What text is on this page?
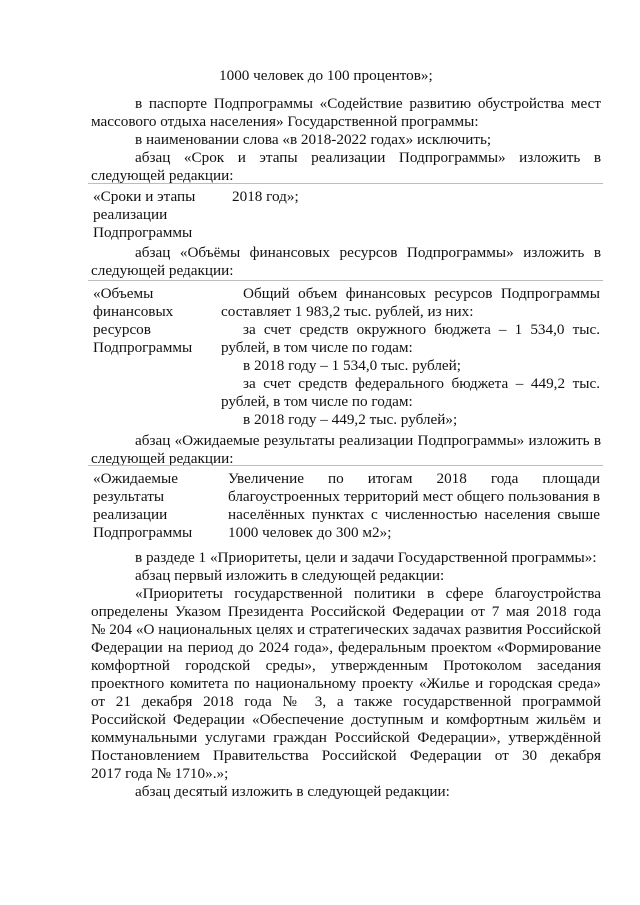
1000 человек до 100 процентов»;
в паспорте Подпрограммы «Содействие развитию обустройства мест
массового отдыха населения» Государственной программы:
в наименовании слова «в 2018-2022 годах» исключить;
абзац «Срок и этапы реализации Подпрограммы» изложить в
следующей редакции:
«Сроки и этапы
реализации
Подпрограммы
2018 год»;
абзац «Объёмы финансовых ресурсов Подпрограммы» изложить в
следующей редакции:
«Объемы
финансовых
ресурсов
Подпрограммы
Общий объем финансовых ресурсов Подпрограммы
составляет 1 983,2 тыс. рублей, из них:
за счет средств окружного бюджета – 1 534,0 тыс.
рублей, в том числе по годам:
в 2018 году – 1 534,0 тыс. рублей;
за счет средств федерального бюджета – 449,2 тыс.
рублей, в том числе по годам:
в 2018 году – 449,2 тыс. рублей»;
абзац «Ожидаемые результаты реализации Подпрограммы» изложить в
следующей редакции:
«Ожидаемые
результаты
реализации
Подпрограммы
Увеличение по итогам 2018 года площади
благоустроенных территорий мест общего пользования в
населённых пунктах с численностью населения свыше
1000 человек до 300 м2»;
в раздеде 1 «Приоритеты, цели и задачи Государственной программы»:
абзац первый изложить в следующей редакции:
«Приоритеты государственной политики в сфере благоустройства
определены Указом Президента Российской Федерации от 7 мая 2018 года
№ 204 «О национальных целях и стратегических задачах развития Российской
Федерации на период до 2024 года», федеральным проектом «Формирование
комфортной городской среды», утвержденным Протоколом заседания
проектного комитета по национальному проекту «Жилье и городская среда»
от 21 декабря 2018 года № 3, а также государственной программой
Российской Федерации «Обеспечение доступным и комфортным жильём и
коммунальными услугами граждан Российской Федерации», утверждённой
Постановлением Правительства Российской Федерации от 30 декабря
2017 года № 1710».»;
абзац десятый изложить в следующей редакции:
